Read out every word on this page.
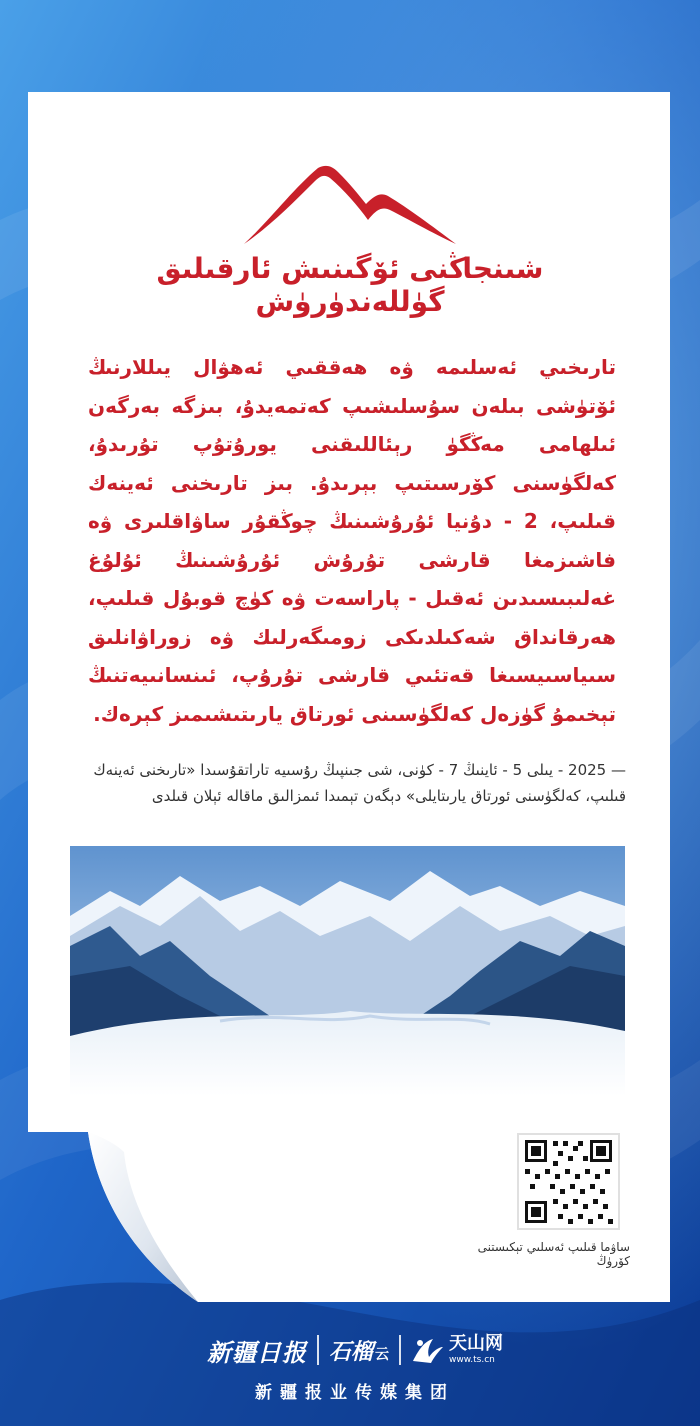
شىنجاڭنى ئۆگىنىش ئارقىلىق گۈللەندۈرۈش
تارىخىي ئەسلىمە ۋە ھەققىي ئەھۋال يىللارنىڭ ئۆتۈشى بىلەن سۇسلىشىپ كەتمەيدۇ، بىزگە بەرگەن ئىلھامى مەڭگۈ رېئاللىقنى يورۇتۇپ تۇرىدۇ، كەلگۈسنى كۆرسىتىپ بېرىدۇ. بىز تارىخنى ئەينەك قىلىپ، 2 - دۇنيا ئۇرۇشىنىڭ چوڭقۇر ساۋاقلىرى ۋە فاشىزمغا قارشى تۇرۇش ئۇرۇشىنىڭ ئۇلۇغ غەلىبىسىدىن ئەقىل - پاراسەت ۋە كۈچ قوبۇل قىلىپ، ھەرقانداق شەكىلدىكى زومىگەرلىك ۋە زوراۋانلىق سىياسىيسىغا قەتئىي قارشى تۇرۇپ، ئىنسانىيەتنىڭ تېخىمۇ گۈزەل كەلگۈسىنى ئورتاق يارىتىشىمىز كېرەك.
— 2025 - يىلى 5 - ئاينىڭ 7 - كۈنى، شى جىنپىڭ رۇسىيە تاراتقۇسىدا «تارىخنى ئەينەك قىلىپ، كەلگۈسنى ئورتاق يارىتايلى» دېگەن تېمىدا ئىمزالىق ماقالە ئېلان قىلدى
ساۋما قىلىپ ئەسلىي تېكىستنى كۆرۈڭ
新疆日报 石榴 云
天山网
www.ts.cn
新疆报业传媒集团
